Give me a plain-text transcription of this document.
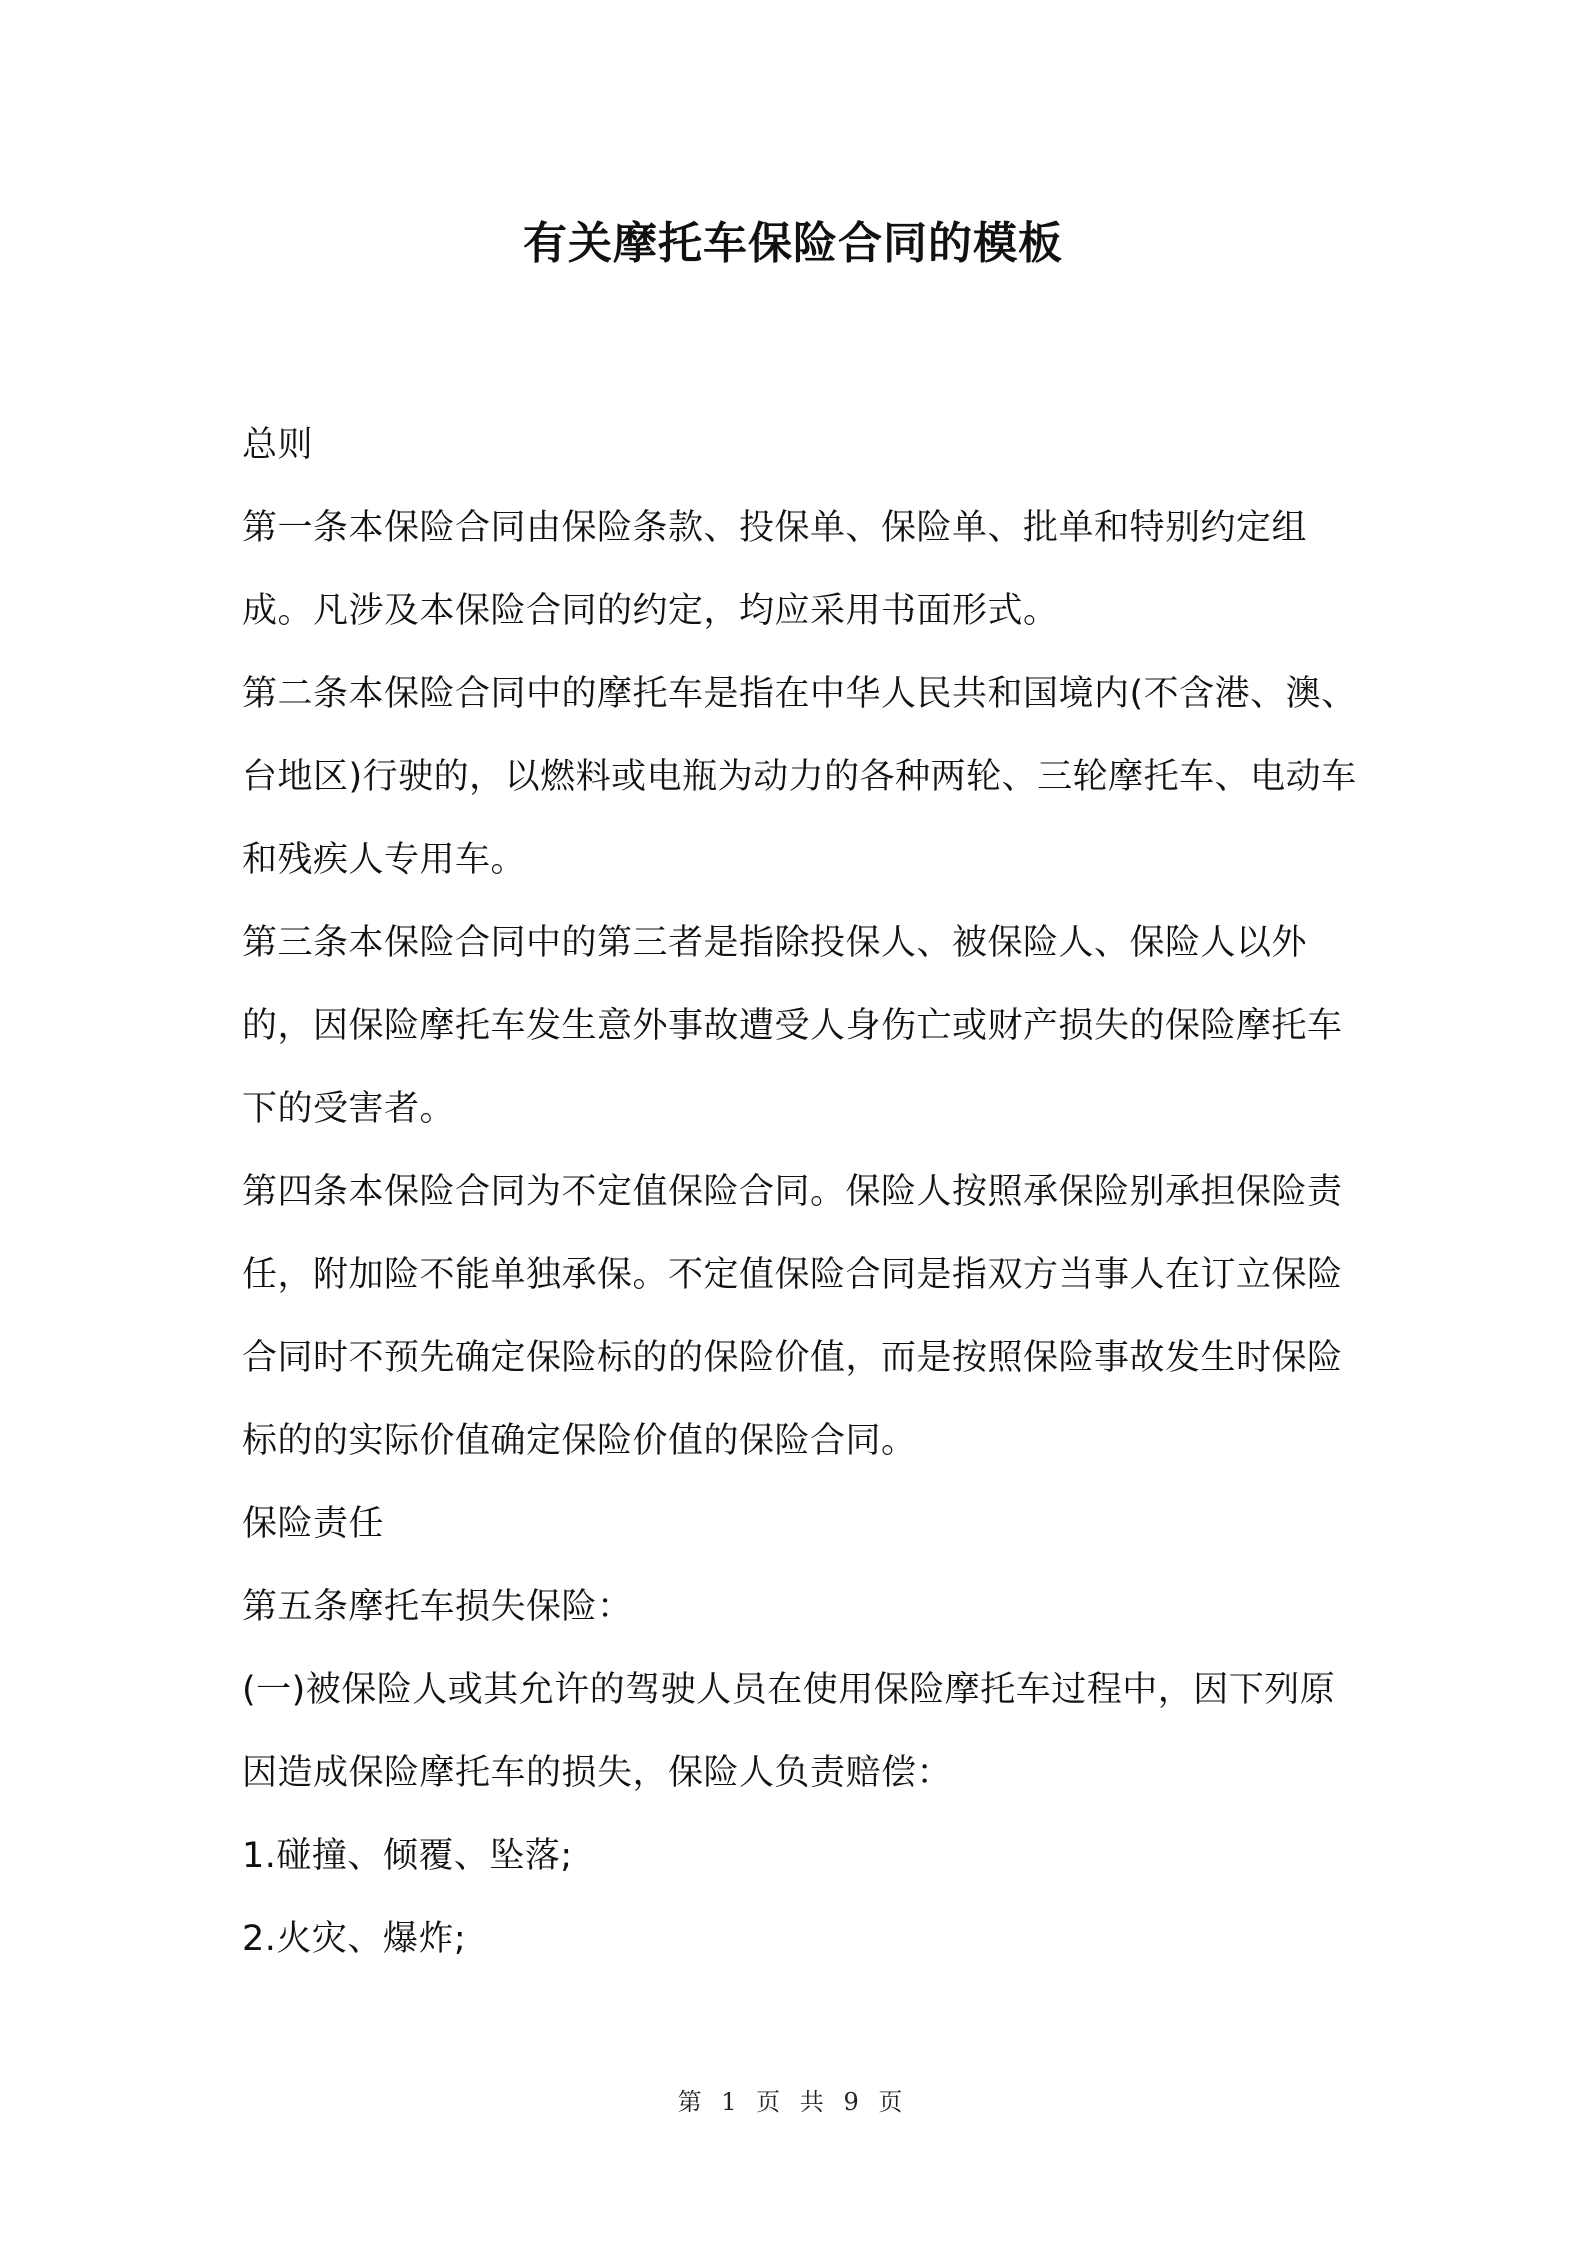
有关摩托车保险合同的模板

总则

第一条本保险合同由保险条款、投保单、保险单、批单和特别约定组成。凡涉及本保险合同的约定，均应采用书面形式。

第二条本保险合同中的摩托车是指在中华人民共和国境内(不含港、澳、台地区)行驶的，以燃料或电瓶为动力的各种两轮、三轮摩托车、电动车和残疾人专用车。

第三条本保险合同中的第三者是指除投保人、被保险人、保险人以外的，因保险摩托车发生意外事故遭受人身伤亡或财产损失的保险摩托车下的受害者。

第四条本保险合同为不定值保险合同。保险人按照承保险别承担保险责任，附加险不能单独承保。不定值保险合同是指双方当事人在订立保险合同时不预先确定保险标的的保险价值，而是按照保险事故发生时保险标的的实际价值确定保险价值的保险合同。

保险责任

第五条摩托车损失保险：

(一)被保险人或其允许的驾驶人员在使用保险摩托车过程中，因下列原因造成保险摩托车的损失，保险人负责赔偿：

1.碰撞、倾覆、坠落;

2.火灾、爆炸;

第 1 页 共 9 页
